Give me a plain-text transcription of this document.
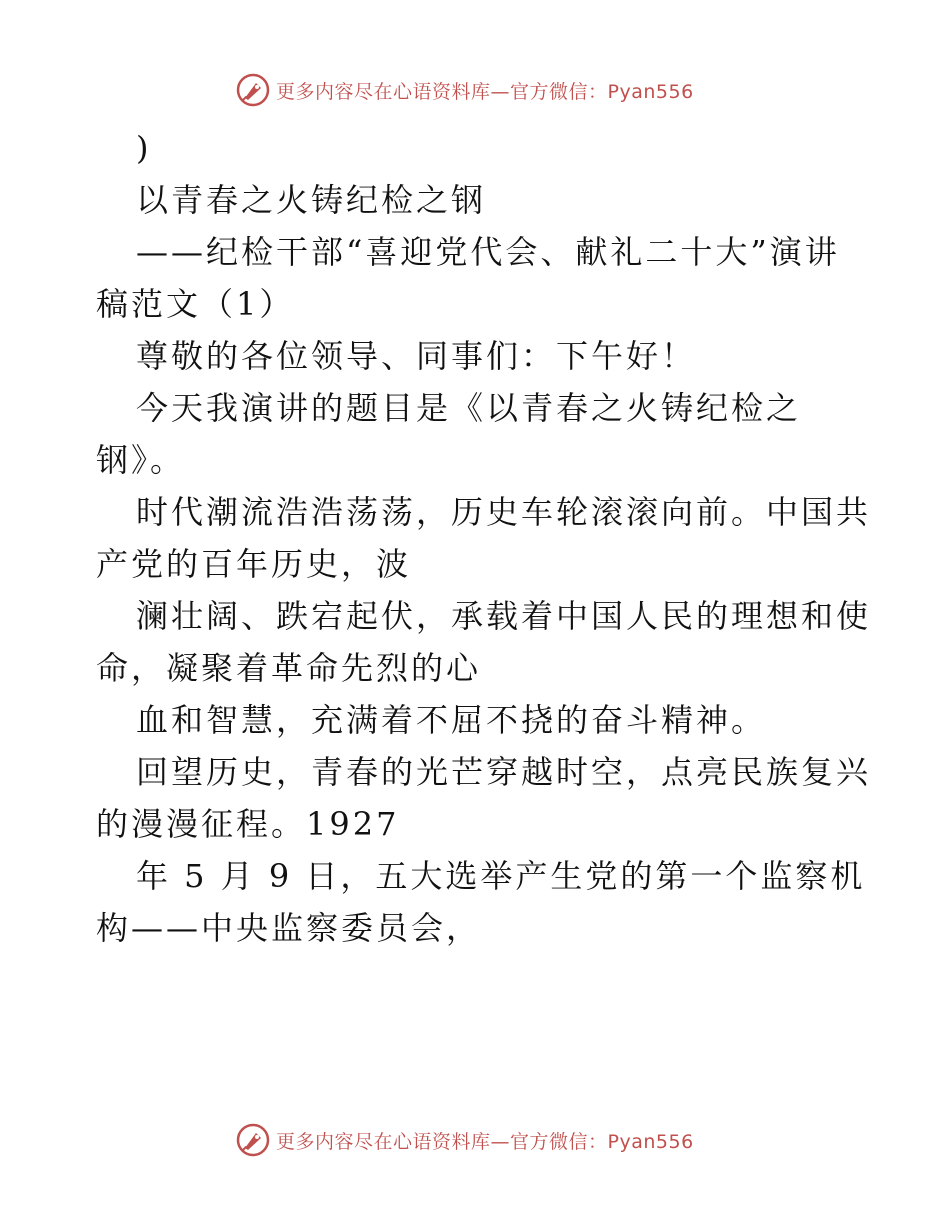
更多内容尽在心语资料库—官方微信：Pyan556

)

以青春之火铸纪检之钢

——纪检干部“喜迎党代会、献礼二十大”演讲

稿范文（1）

尊敬的各位领导、同事们：下午好！

今天我演讲的题目是《以青春之火铸纪检之

钢》。

时代潮流浩浩荡荡，历史车轮滚滚向前。中国共

产党的百年历史，波

澜壮阔、跌宕起伏，承载着中国人民的理想和使

命，凝聚着革命先烈的心

血和智慧，充满着不屈不挠的奋斗精神。

回望历史，青春的光芒穿越时空，点亮民族复兴

的漫漫征程。1927

年 5 月 9 日，五大选举产生党的第一个监察机

构——中央监察委员会，

更多内容尽在心语资料库—官方微信：Pyan556
